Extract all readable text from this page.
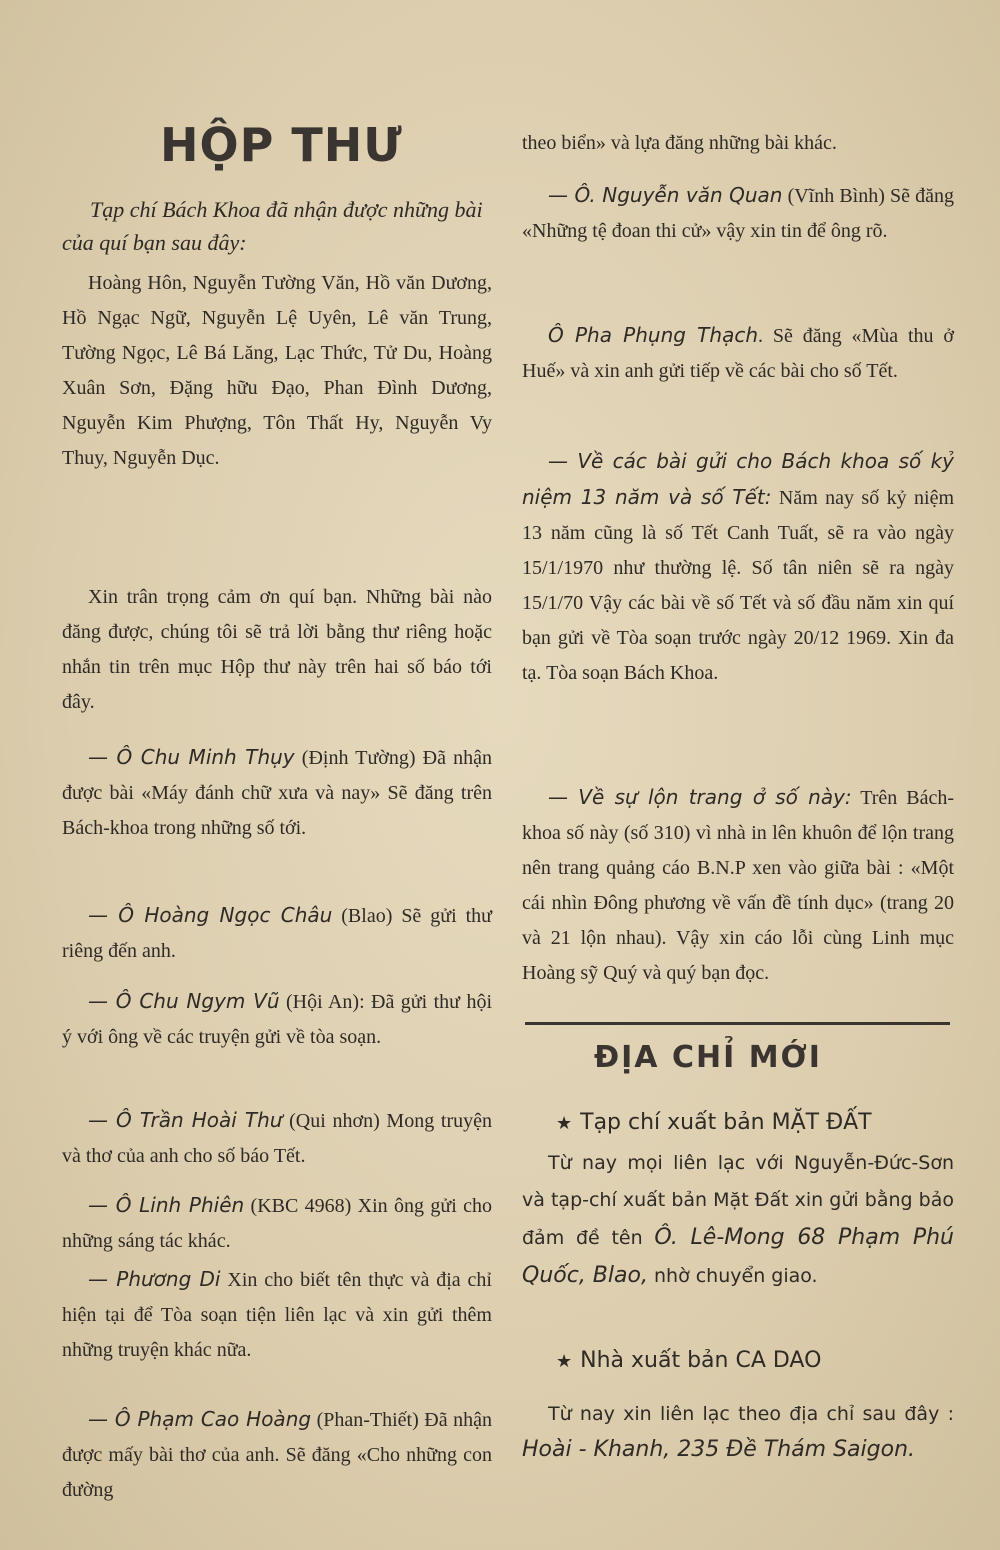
HỘP THƯ

Tạp chí Bách Khoa đã nhận được những bài của quí bạn sau đây:

Hoàng Hôn, Nguyễn Tường Văn, Hồ văn Dương, Hồ Ngạc Ngữ, Nguyễn Lệ Uyên, Lê văn Trung, Tường Ngọc, Lê Bá Lăng, Lạc Thức, Tử Du, Hoàng Xuân Sơn, Đặng hữu Đạo, Phan Đình Dương, Nguyễn Kim Phượng, Tôn Thất Hy, Nguyễn Vy Thuy, Nguyễn Dục.

Xin trân trọng cảm ơn quí bạn. Những bài nào đăng được, chúng tôi sẽ trả lời bằng thư riêng hoặc nhắn tin trên mục Hộp thư này trên hai số báo tới đây.

— Ô Chu Minh Thụy (Định Tường) Đã nhận được bài «Máy đánh chữ xưa và nay» Sẽ đăng trên Bách-khoa trong những số tới.

— Ô Hoàng Ngọc Châu (Blao) Sẽ gửi thư riêng đến anh.

— Ô Chu Ngym Vũ (Hội An): Đã gửi thư hội ý với ông về các truyện gửi về tòa soạn.

— Ô Trần Hoài Thư (Qui nhơn) Mong truyện và thơ của anh cho số báo Tết.

— Ô Linh Phiên (KBC 4968) Xin ông gửi cho những sáng tác khác.

— Phương Di Xin cho biết tên thực và địa chỉ hiện tại để Tòa soạn tiện liên lạc và xin gửi thêm những truyện khác nữa.

— Ô Phạm Cao Hoàng (Phan-Thiết) Đã nhận được mấy bài thơ của anh. Sẽ đăng «Cho những con đường

theo biển» và lựa đăng những bài khác.

— Ô. Nguyễn văn Quan (Vĩnh Bình) Sẽ đăng «Những tệ đoan thi cử» vậy xin tin để ông rõ.

Ô Pha Phụng Thạch. Sẽ đăng «Mùa thu ở Huế» và xin anh gửi tiếp về các bài cho số Tết.

— Về các bài gửi cho Bách khoa số kỷ niệm 13 năm và số Tết: Năm nay số kỷ niệm 13 năm cũng là số Tết Canh Tuất, sẽ ra vào ngày 15/1/1970 như thường lệ. Số tân niên sẽ ra ngày 15/1/70 Vậy các bài về số Tết và số đầu năm xin quí bạn gửi về Tòa soạn trước ngày 20/12 1969. Xin đa tạ. Tòa soạn Bách Khoa.

— Về sự lộn trang ở số này: Trên Bách-khoa số này (số 310) vì nhà in lên khuôn để lộn trang nên trang quảng cáo B.N.P xen vào giữa bài : «Một cái nhìn Đông phương về vấn đề tính dục» (trang 20 và 21 lộn nhau). Vậy xin cáo lỗi cùng Linh mục Hoàng sỹ Quý và quý bạn đọc.

ĐỊA CHỈ MỚI

★ Tạp chí xuất bản MẶT ĐẤT

Từ nay mọi liên lạc với Nguyễn-Đức-Sơn và tạp-chí xuất bản Mặt Đất xin gửi bằng bảo đảm đề tên Ô. Lê-Mong 68 Phạm Phú Quốc, Blao, nhờ chuyển giao.

★ Nhà xuất bản CA DAO

Từ nay xin liên lạc theo địa chỉ sau đây : Hoài - Khanh, 235 Đề Thám Saigon.
